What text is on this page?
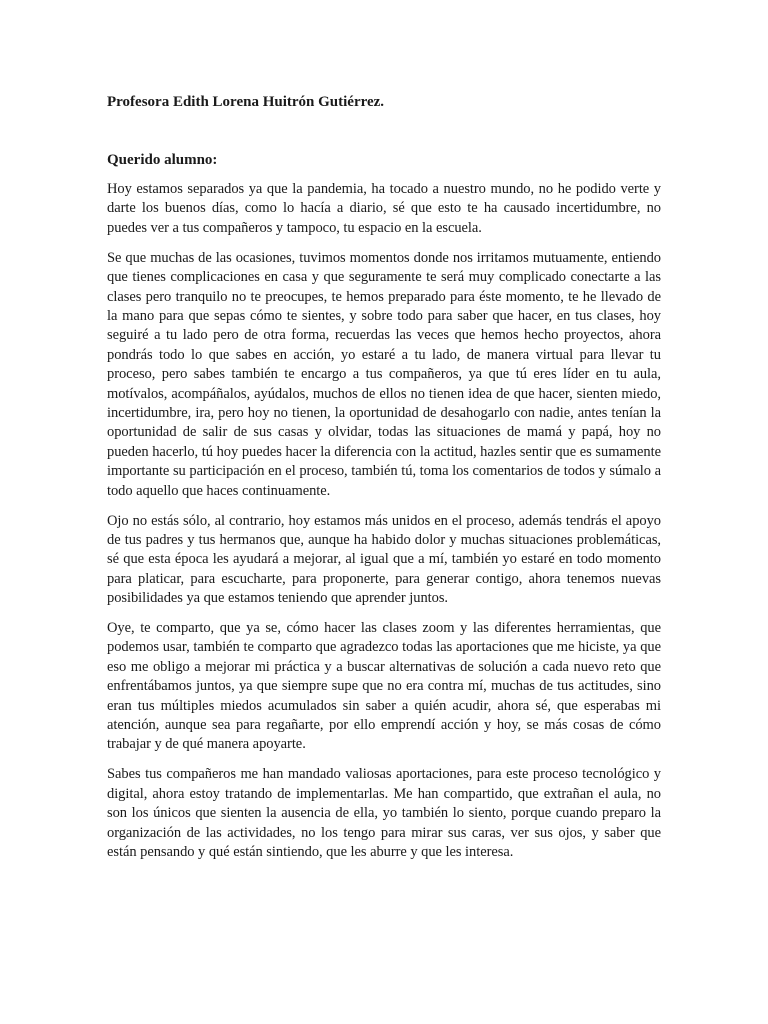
Profesora Edith Lorena Huitrón Gutiérrez.

Querido alumno:

Hoy estamos separados ya que la pandemia, ha tocado a nuestro mundo, no he podido verte y darte los buenos días, como lo hacía a diario, sé que esto te ha causado incertidumbre, no puedes ver a tus compañeros y tampoco, tu espacio en la escuela.

Se que muchas de las ocasiones, tuvimos momentos donde nos irritamos mutuamente, entiendo que tienes complicaciones en casa y que seguramente te será muy complicado conectarte a las clases pero tranquilo no te preocupes, te hemos preparado para éste momento, te he llevado de la mano para que sepas cómo te sientes, y sobre todo para saber que hacer, en tus clases, hoy seguiré a tu lado pero de otra forma, recuerdas las veces que hemos hecho proyectos, ahora pondrás todo lo que sabes en acción, yo estaré a tu lado, de manera virtual para llevar tu proceso, pero sabes también te encargo a tus compañeros, ya que tú eres líder en tu aula, motívalos, acompáñalos, ayúdalos, muchos de ellos no tienen idea de que hacer, sienten miedo, incertidumbre, ira, pero hoy no tienen, la oportunidad de desahogarlo con nadie, antes tenían la oportunidad de salir de sus casas y olvidar, todas las situaciones de mamá y papá, hoy no pueden hacerlo, tú hoy puedes hacer la diferencia con la actitud, hazles sentir que es sumamente importante su participación en el proceso, también tú, toma los comentarios de todos y súmalo a todo aquello que haces continuamente.

Ojo no estás sólo, al contrario, hoy estamos más unidos en el proceso, además tendrás el apoyo de tus padres y tus hermanos que, aunque ha habido dolor y muchas situaciones problemáticas, sé que esta época les ayudará a mejorar, al igual que a mí, también yo estaré en todo momento para platicar, para escucharte, para proponerte, para generar contigo, ahora tenemos nuevas posibilidades ya que estamos teniendo que aprender juntos.

Oye, te comparto, que ya se, cómo hacer las clases zoom y las diferentes herramientas, que podemos usar, también te comparto que agradezco todas las aportaciones que me hiciste, ya que eso me obligo a mejorar mi práctica y a buscar alternativas de solución a cada nuevo reto que enfrentábamos juntos, ya que siempre supe que no era contra mí, muchas de tus actitudes, sino eran tus múltiples miedos acumulados sin saber a quién acudir, ahora sé, que esperabas mi atención, aunque sea para regañarte, por ello emprendí acción y hoy, se más cosas de cómo trabajar y de qué manera apoyarte.

Sabes tus compañeros me han mandado valiosas aportaciones, para este proceso tecnológico y digital, ahora estoy tratando de implementarlas. Me han compartido, que extrañan el aula, no son los únicos que sienten la ausencia de ella, yo también lo siento, porque cuando preparo la organización de las actividades, no los tengo para mirar sus caras, ver sus ojos, y saber que están pensando y qué están sintiendo, que les aburre y que les interesa.
